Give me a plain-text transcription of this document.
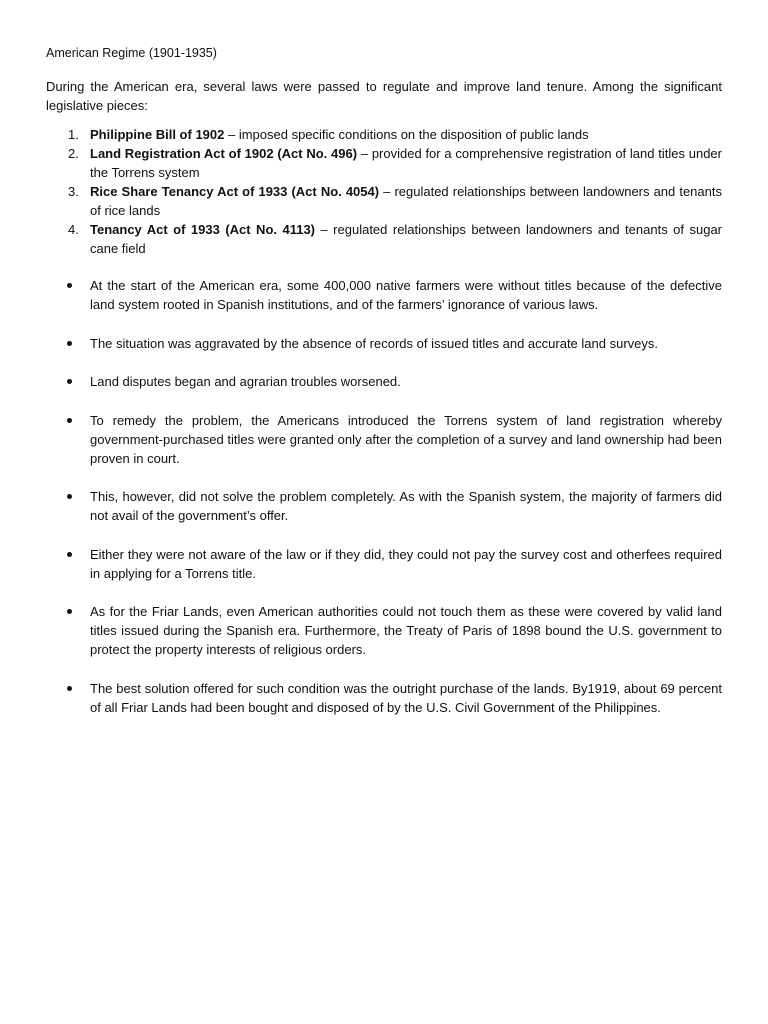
American Regime (1901-1935)

During the American era, several laws were passed to regulate and improve land tenure. Among the significant legislative pieces:

1. Philippine Bill of 1902 – imposed specific conditions on the disposition of public lands
2. Land Registration Act of 1902 (Act No. 496) – provided for a comprehensive registration of land titles under the Torrens system
3. Rice Share Tenancy Act of 1933 (Act No. 4054) – regulated relationships between landowners and tenants of rice lands
4. Tenancy Act of 1933 (Act No. 4113) – regulated relationships between landowners and tenants of sugar cane field
At the start of the American era, some 400,000 native farmers were without titles because of the defective land system rooted in Spanish institutions, and of the farmers’ ignorance of various laws.
The situation was aggravated by the absence of records of issued titles and accurate land surveys.
Land disputes began and agrarian troubles worsened.
To remedy the problem, the Americans introduced the Torrens system of land registration whereby government-purchased titles were granted only after the completion of a survey and land ownership had been proven in court.
This, however, did not solve the problem completely. As with the Spanish system, the majority of farmers did not avail of the government’s offer.
Either they were not aware of the law or if they did, they could not pay the survey cost and otherfees required in applying for a Torrens title.
As for the Friar Lands, even American authorities could not touch them as these were covered by valid land titles issued during the Spanish era. Furthermore, the Treaty of Paris of 1898 bound the U.S. government to protect the property interests of religious orders.
The best solution offered for such condition was the outright purchase of the lands. By1919, about 69 percent of all Friar Lands had been bought and disposed of by the U.S. Civil Government of the Philippines.
